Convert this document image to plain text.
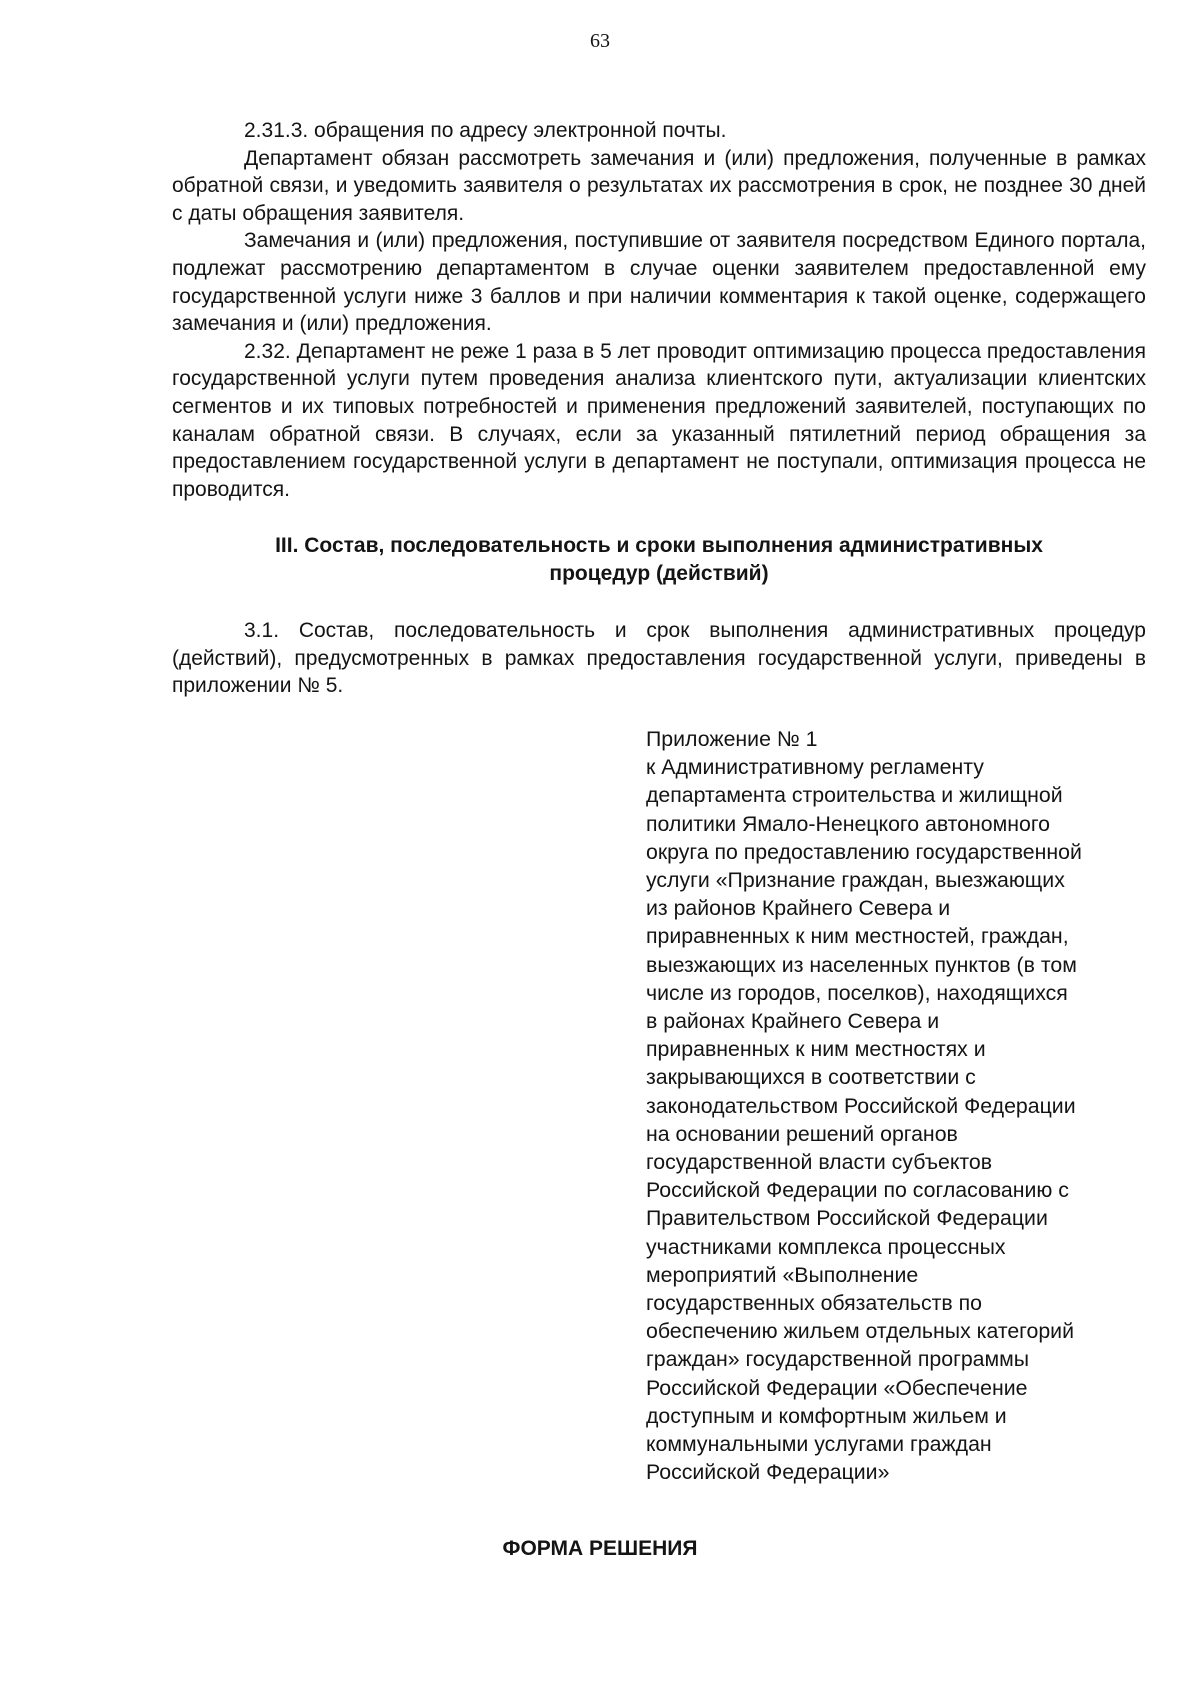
63

2.31.3. обращения по адресу электронной почты.

Департамент обязан рассмотреть замечания и (или) предложения, полученные в рамках обратной связи, и уведомить заявителя о результатах их рассмотрения в срок, не позднее 30 дней с даты обращения заявителя.

Замечания и (или) предложения, поступившие от заявителя посредством Единого портала, подлежат рассмотрению департаментом в случае оценки заявителем предоставленной ему государственной услуги ниже 3 баллов и при наличии комментария к такой оценке, содержащего замечания и (или) предложения.

2.32. Департамент не реже 1 раза в 5 лет проводит оптимизацию процесса предоставления государственной услуги путем проведения анализа клиентского пути, актуализации клиентских сегментов и их типовых потребностей и применения предложений заявителей, поступающих по каналам обратной связи. В случаях, если за указанный пятилетний период обращения за предоставлением государственной услуги в департамент не поступали, оптимизация процесса не проводится.

III. Состав, последовательность и сроки выполнения административных
процедур (действий)

3.1. Состав, последовательность и срок выполнения административных процедур (действий), предусмотренных в рамках предоставления государственной услуги, приведены в приложении № 5.

Приложение № 1
к Административному регламенту
департамента строительства и жилищной
политики Ямало-Ненецкого автономного
округа по предоставлению государственной
услуги «Признание граждан, выезжающих
из районов Крайнего Севера и
приравненных к ним местностей, граждан,
выезжающих из населенных пунктов (в том
числе из городов, поселков), находящихся
в районах Крайнего Севера и
приравненных к ним местностях и
закрывающихся в соответствии с
законодательством Российской Федерации
на основании решений органов
государственной власти субъектов
Российской Федерации по согласованию с
Правительством Российской Федерации
участниками комплекса процессных
мероприятий «Выполнение
государственных обязательств по
обеспечению жильем отдельных категорий
граждан» государственной программы
Российской Федерации «Обеспечение
доступным и комфортным жильем и
коммунальными услугами граждан
Российской Федерации»
ФОРМА РЕШЕНИЯ
